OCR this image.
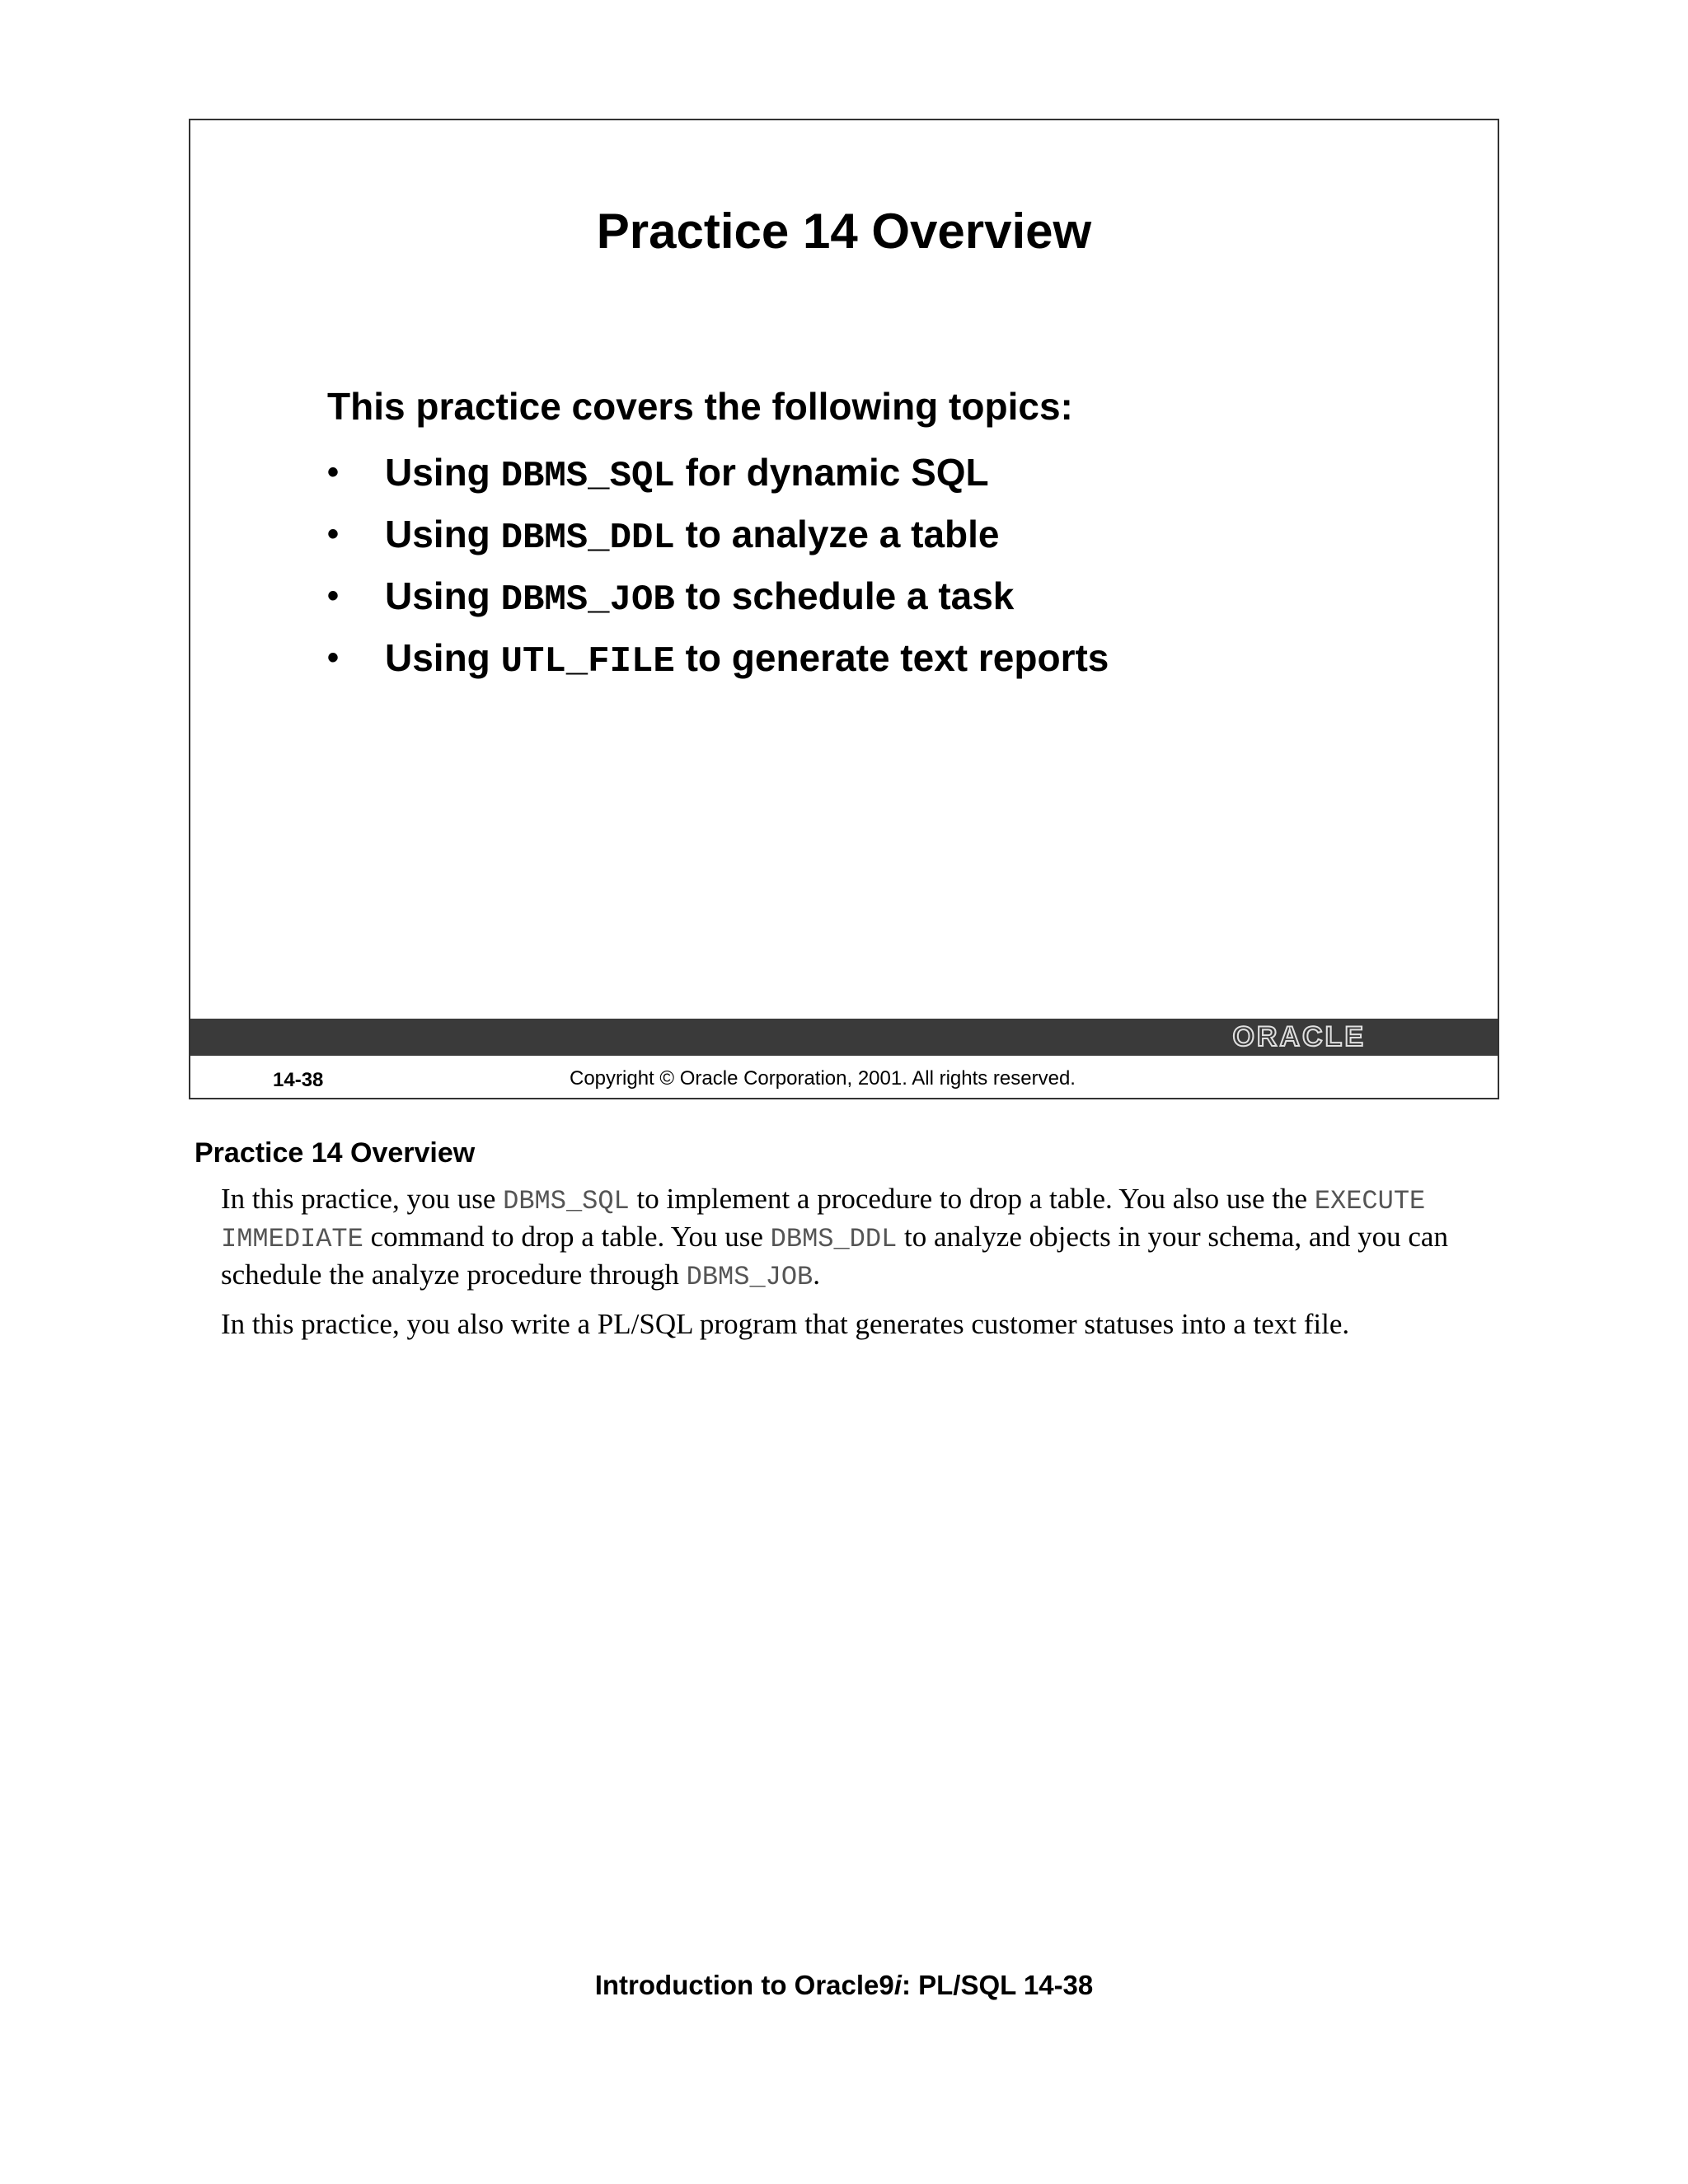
Practice 14 Overview

This practice covers the following topics:

• Using DBMS_SQL for dynamic SQL
• Using DBMS_DDL to analyze a table
• Using DBMS_JOB to schedule a task
• Using UTL_FILE to generate text reports
ORACLE
14-38	Copyright © Oracle Corporation, 2001. All rights reserved.
Practice 14 Overview

In this practice, you use DBMS_SQL to implement a procedure to drop a table. You also use the EXECUTE IMMEDIATE command to drop a table. You use DBMS_DDL to analyze objects in your schema, and you can schedule the analyze procedure through DBMS_JOB.

In this practice, you also write a PL/SQL program that generates customer statuses into a text file.

Introduction to Oracle9i: PL/SQL 14-38
